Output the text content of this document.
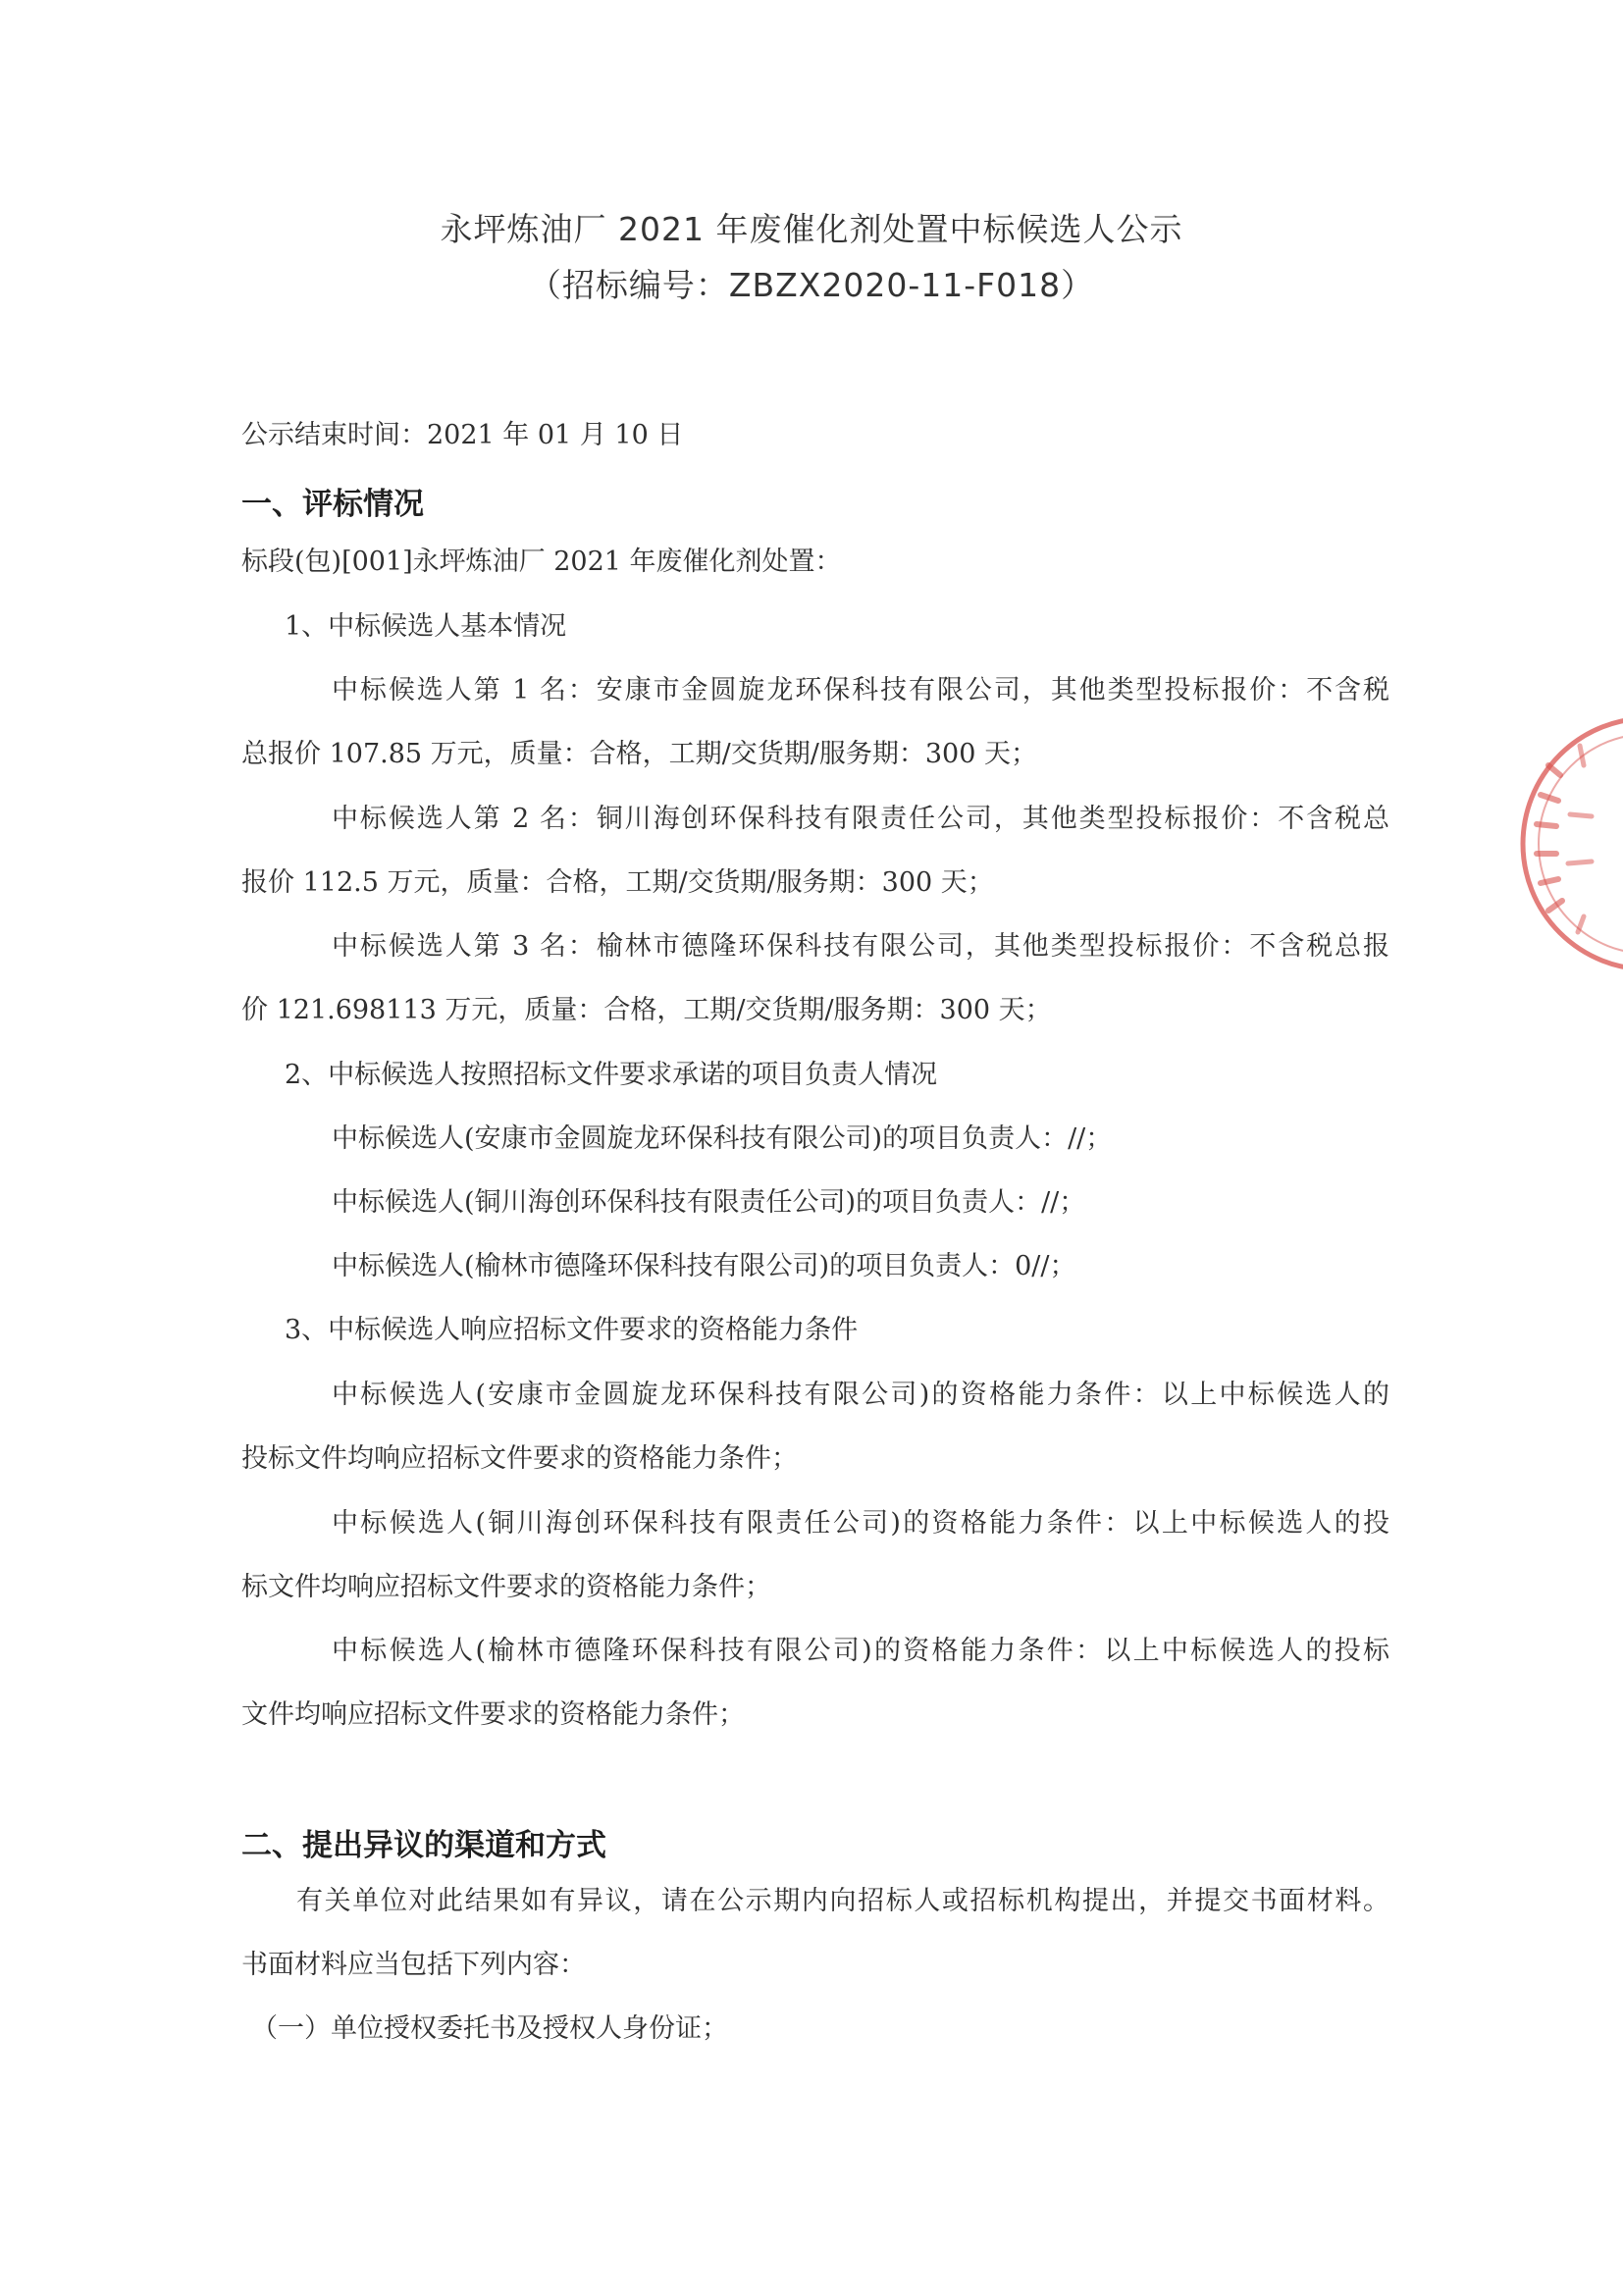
永坪炼油厂 2021 年废催化剂处置中标候选人公示
（招标编号：ZBZX2020-11-F018）
公示结束时间：2021 年 01 月 10 日
一、评标情况
标段(包)[001]永坪炼油厂 2021 年废催化剂处置：
1、中标候选人基本情况
中标候选人第 1 名：安康市金圆旋龙环保科技有限公司，其他类型投标报价：不含税
总报价 107.85 万元，质量：合格，工期/交货期/服务期：300 天；
中标候选人第 2 名：铜川海创环保科技有限责任公司，其他类型投标报价：不含税总
报价 112.5 万元，质量：合格，工期/交货期/服务期：300 天；
中标候选人第 3 名：榆林市德隆环保科技有限公司，其他类型投标报价：不含税总报
价 121.698113 万元，质量：合格，工期/交货期/服务期：300 天；
2、中标候选人按照招标文件要求承诺的项目负责人情况
中标候选人(安康市金圆旋龙环保科技有限公司)的项目负责人：//；
中标候选人(铜川海创环保科技有限责任公司)的项目负责人：//；
中标候选人(榆林市德隆环保科技有限公司)的项目负责人：0//；
3、中标候选人响应招标文件要求的资格能力条件
中标候选人(安康市金圆旋龙环保科技有限公司)的资格能力条件：以上中标候选人的
投标文件均响应招标文件要求的资格能力条件；
中标候选人(铜川海创环保科技有限责任公司)的资格能力条件：以上中标候选人的投
标文件均响应招标文件要求的资格能力条件；
中标候选人(榆林市德隆环保科技有限公司)的资格能力条件：以上中标候选人的投标
文件均响应招标文件要求的资格能力条件；
二、提出异议的渠道和方式
有关单位对此结果如有异议，请在公示期内向招标人或招标机构提出，并提交书面材料。
书面材料应当包括下列内容：
（一）单位授权委托书及授权人身份证；
